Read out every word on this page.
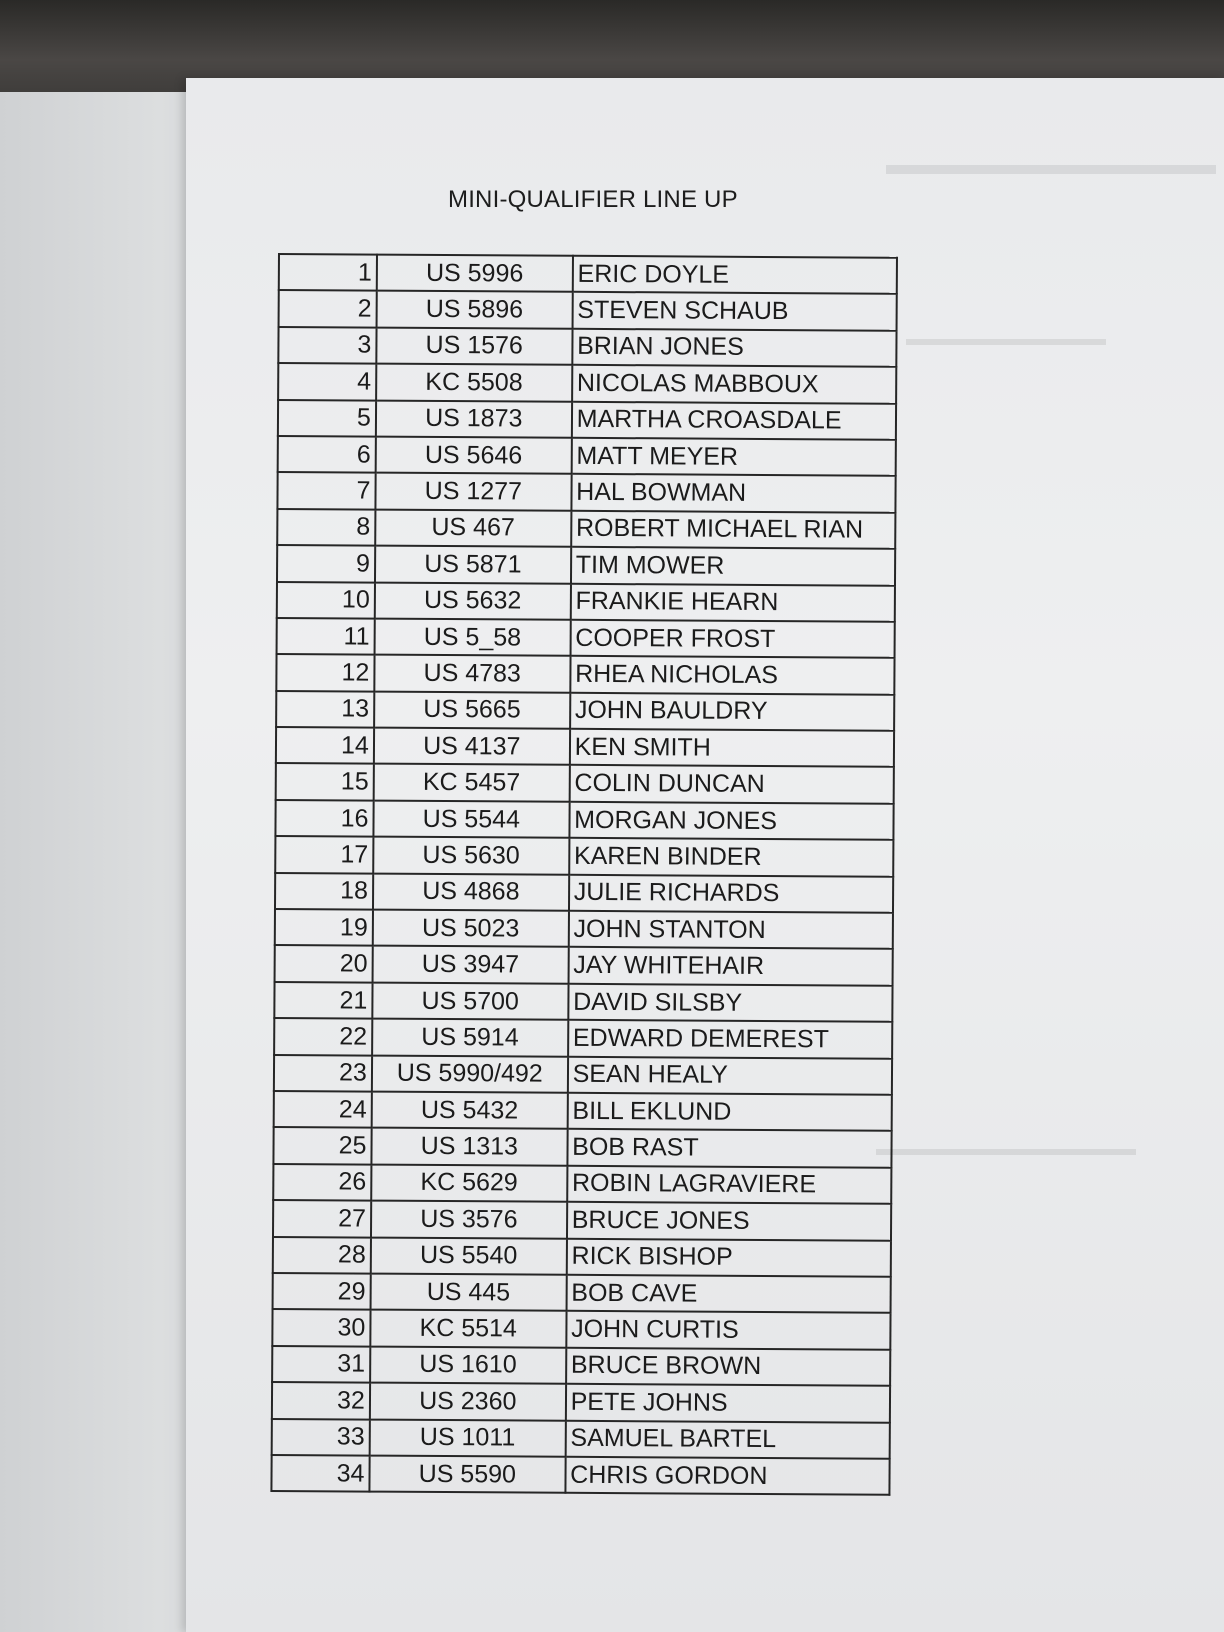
▬▬▬▬▬▬▬▬▬▬▬
▬▬▬▬▬▬▬▬▬▬
▬▬▬▬▬▬▬▬▬▬▬▬▬
MINI-QUALIFIER LINE UP
1	US 5996	ERIC DOYLE
2	US 5896	STEVEN SCHAUB
3	US 1576	BRIAN JONES
4	KC 5508	NICOLAS MABBOUX
5	US 1873	MARTHA CROASDALE
6	US 5646	MATT MEYER
7	US 1277	HAL BOWMAN
8	US 467	ROBERT MICHAEL RIAN
9	US 5871	TIM MOWER
10	US 5632	FRANKIE HEARN
11	US 5_58	COOPER FROST
12	US 4783	RHEA NICHOLAS
13	US 5665	JOHN BAULDRY
14	US 4137	KEN SMITH
15	KC 5457	COLIN DUNCAN
16	US 5544	MORGAN JONES
17	US 5630	KAREN BINDER
18	US 4868	JULIE RICHARDS
19	US 5023	JOHN STANTON
20	US 3947	JAY WHITEHAIR
21	US 5700	DAVID SILSBY
22	US 5914	EDWARD DEMEREST
23	US 5990/492	SEAN HEALY
24	US 5432	BILL EKLUND
25	US 1313	BOB RAST
26	KC 5629	ROBIN LAGRAVIERE
27	US 3576	BRUCE JONES
28	US 5540	RICK BISHOP
29	US 445	BOB CAVE
30	KC 5514	JOHN CURTIS
31	US 1610	BRUCE BROWN
32	US 2360	PETE JOHNS
33	US 1011	SAMUEL BARTEL
34	US 5590	CHRIS GORDON
